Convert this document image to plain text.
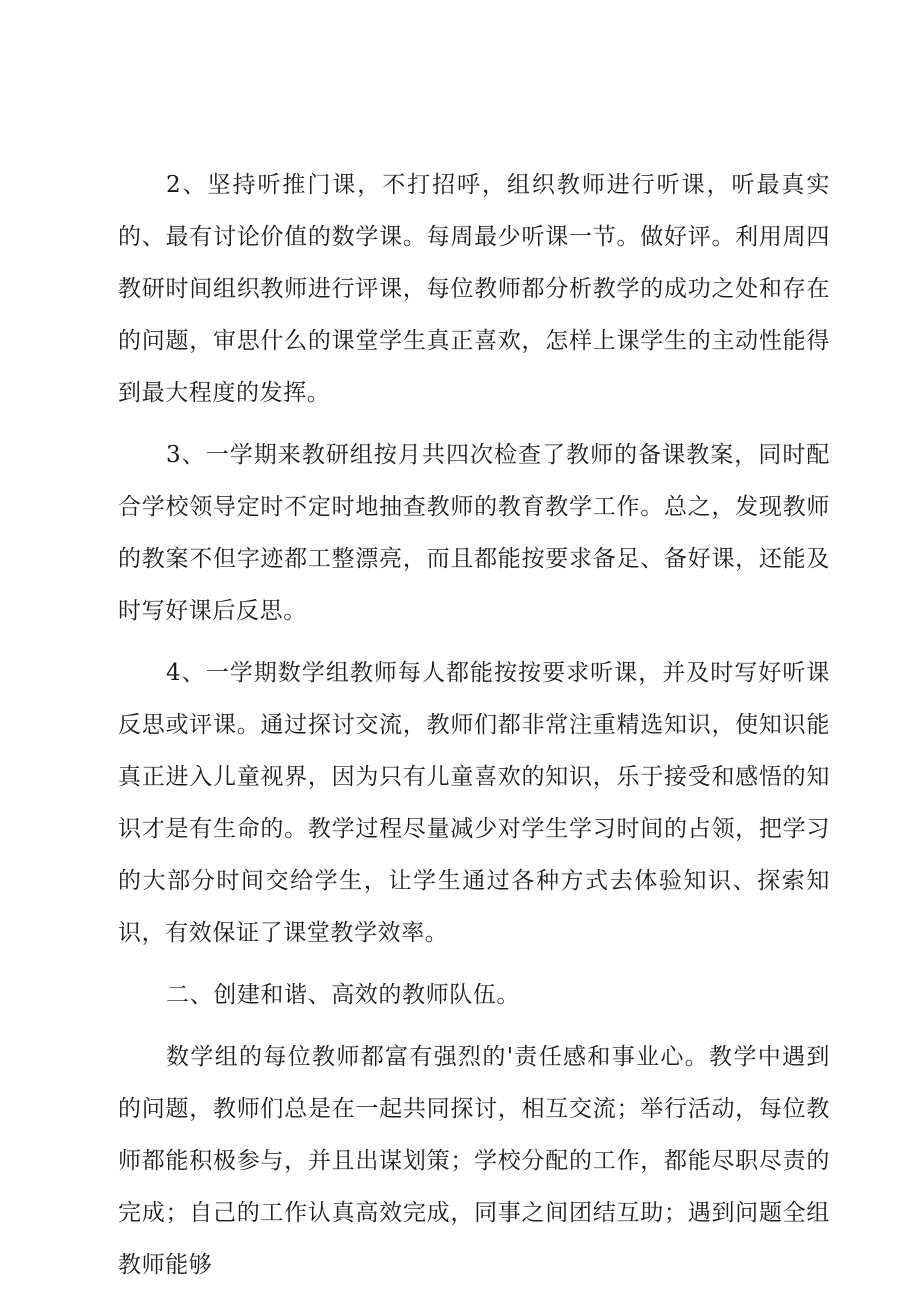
2、坚持听推门课，不打招呼，组织教师进行听课，听最真实的、最有讨论价值的数学课。每周最少听课一节。做好评。利用周四教研时间组织教师进行评课，每位教师都分析教学的成功之处和存在的问题，审思什么的课堂学生真正喜欢，怎样上课学生的主动性能得到最大程度的发挥。

3、一学期来教研组按月共四次检查了教师的备课教案，同时配合学校领导定时不定时地抽查教师的教育教学工作。总之，发现教师的教案不但字迹都工整漂亮，而且都能按要求备足、备好课，还能及时写好课后反思。

4、一学期数学组教师每人都能按按要求听课，并及时写好听课反思或评课。通过探讨交流，教师们都非常注重精选知识，使知识能真正进入儿童视界，因为只有儿童喜欢的知识，乐于接受和感悟的知识才是有生命的。教学过程尽量减少对学生学习时间的占领，把学习的大部分时间交给学生，让学生通过各种方式去体验知识、探索知识，有效保证了课堂教学效率。

二、创建和谐、高效的教师队伍。

数学组的每位教师都富有强烈的'责任感和事业心。教学中遇到的问题，教师们总是在一起共同探讨，相互交流；举行活动，每位教师都能积极参与，并且出谋划策；学校分配的工作，都能尽职尽责的完成；自己的工作认真高效完成，同事之间团结互助；遇到问题全组教师能够
